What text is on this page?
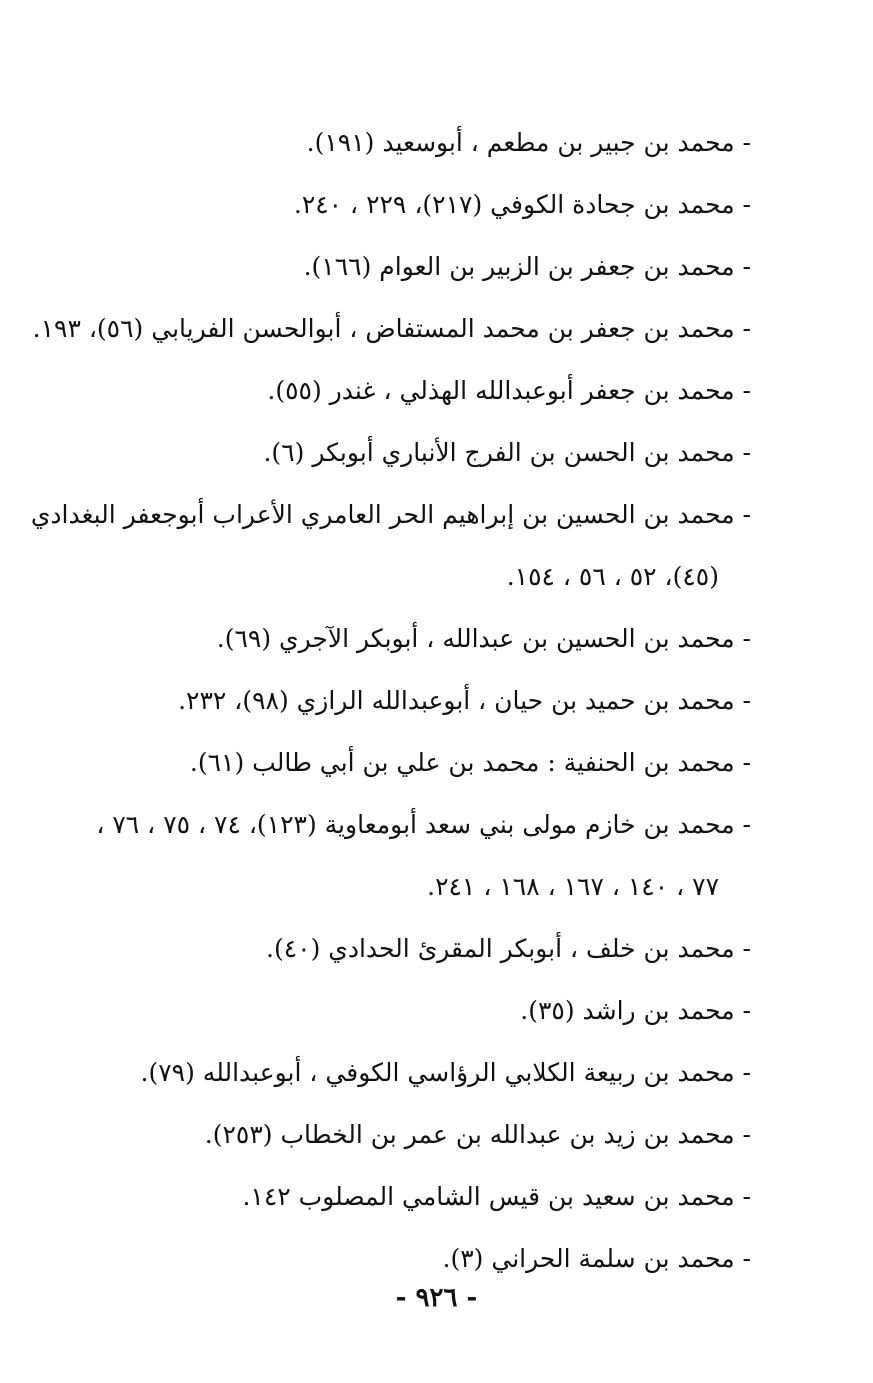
- محمد بن جبير بن مطعم ، أبوسعيد (١٩١).
- محمد بن جحادة الكوفي (٢١٧)، ٢٢٩ ، ٢٤٠.
- محمد بن جعفر بن الزبير بن العوام (١٦٦).
- محمد بن جعفر بن محمد المستفاض ، أبوالحسن الفريابي (٥٦)، ١٩٣.
- محمد بن جعفر أبوعبدالله الهذلي ، غندر (٥٥).
- محمد بن الحسن بن الفرج الأنباري أبوبكر (٦).
- محمد بن الحسين بن إبراهيم الحر العامري الأعراب أبوجعفر البغدادي
(٤٥)، ٥٢ ، ٥٦ ، ١٥٤.
- محمد بن الحسين بن عبدالله ، أبوبكر الآجري (٦٩).
- محمد بن حميد بن حيان ، أبوعبدالله الرازي (٩٨)، ٢٣٢.
- محمد بن الحنفية : محمد بن علي بن أبي طالب (٦١).
- محمد بن خازم مولى بني سعد أبومعاوية (١٢٣)، ٧٤ ، ٧٥ ، ٧٦ ،
٧٧ ، ١٤٠ ، ١٦٧ ، ١٦٨ ، ٢٤١.
- محمد بن خلف ، أبوبكر المقرئ الحدادي (٤٠).
- محمد بن راشد (٣٥).
- محمد بن ربيعة الكلابي الرؤاسي الكوفي ، أبوعبدالله (٧٩).
- محمد بن زيد بن عبدالله بن عمر بن الخطاب (٢٥٣).
- محمد بن سعيد بن قيس الشامي المصلوب ١٤٢.
- محمد بن سلمة الحراني (٣).
- ٩٢٦ -
